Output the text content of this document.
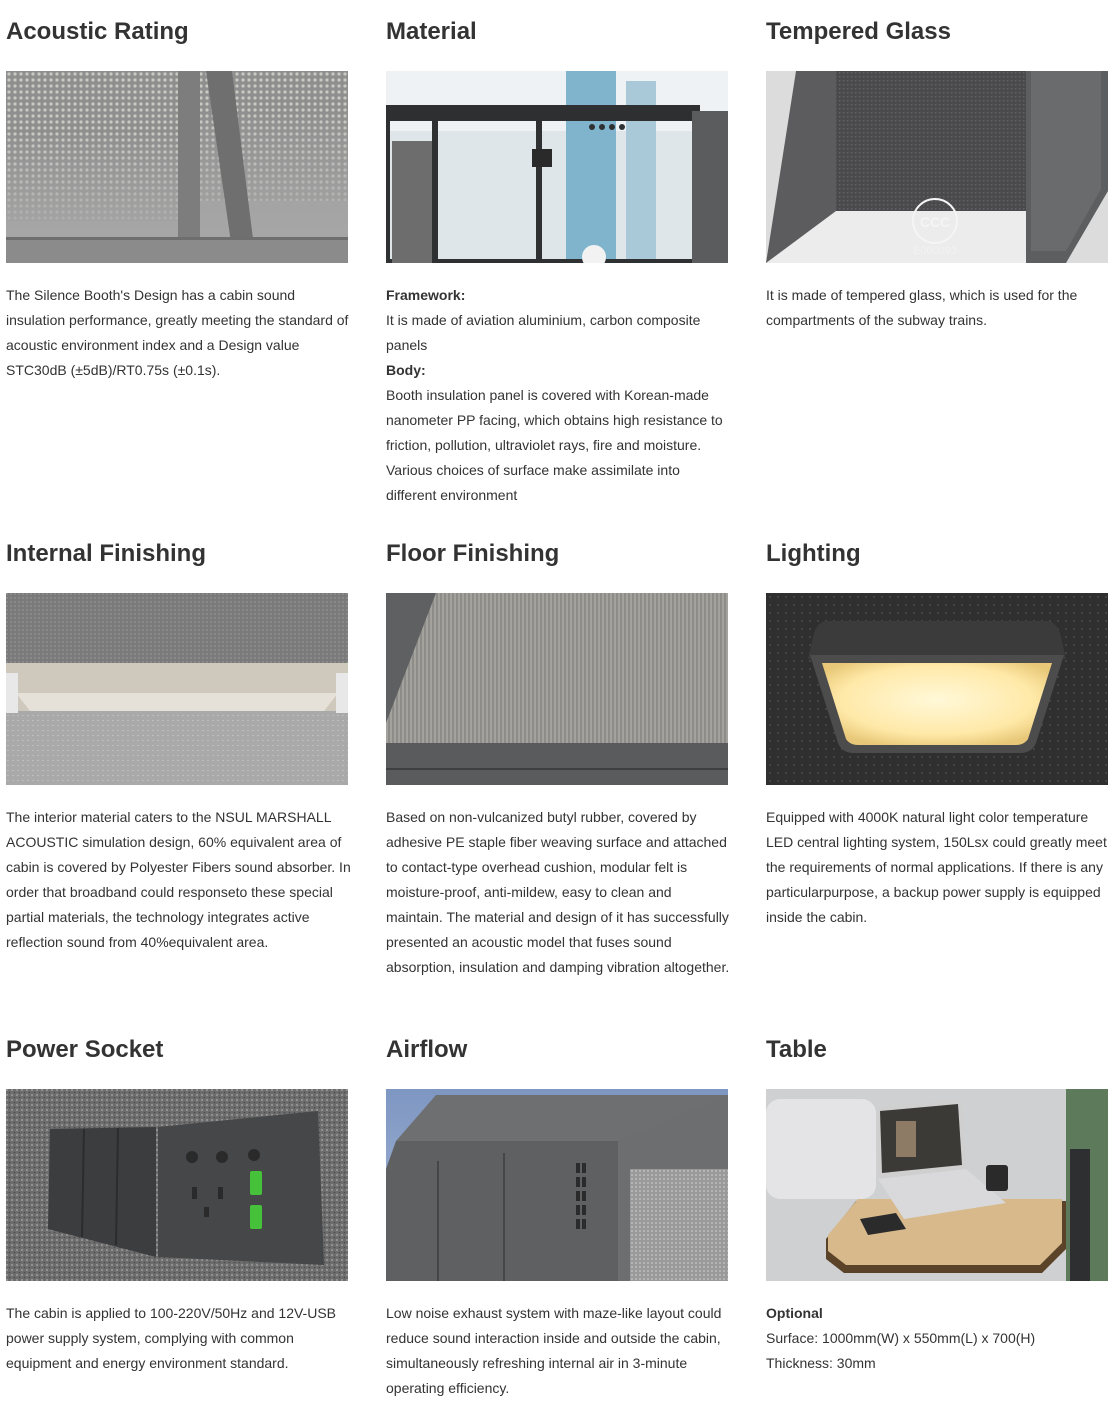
Acoustic Rating

The Silence Booth's Design has a cabin sound insulation performance, greatly meeting the standard of acoustic environment index and a Design value STC30dB (±5dB)/RT0.75s (±0.1s).

Material

Framework:

It is made of aviation aluminium, carbon composite panels

Body:

Booth insulation panel is covered with Korean-made nanometer PP facing, which obtains high resistance to friction, pollution, ultraviolet rays, fire and moisture. Various choices of surface make assimilate into different environment

Tempered Glass
CCC
E000093

It is made of tempered glass, which is used for the compartments of the subway trains.

Internal Finishing

The interior material caters to the NSUL MARSHALL ACOUSTIC simulation design, 60% equivalent area of cabin is covered by Polyester Fibers sound absorber. In order that broadband could responseto these special partial materials, the technology integrates active reflection sound from 40%equivalent area.

Floor Finishing

Based on non-vulcanized butyl rubber, covered by adhesive PE staple fiber weaving surface and attached to contact-type overhead cushion, modular felt is moisture-proof, anti-mildew, easy to clean and maintain. The material and design of it has successfully presented an acoustic model that fuses sound absorption, insulation and damping vibration altogether.

Lighting

Equipped with 4000K natural light color temperature LED central lighting system, 150Lsx could greatly meet the requirements of normal applications. If there is any particularpurpose, a backup power supply is equipped inside the cabin.

Power Socket

The cabin is applied to 100-220V/50Hz and 12V-USB power supply system, complying with common equipment and energy environment standard.

Airflow

Low noise exhaust system with maze-like layout could reduce sound interaction inside and outside the cabin, simultaneously refreshing internal air in 3-minute operating efficiency.

Table

Optional

Surface: 1000mm(W) x 550mm(L) x 700(H)

Thickness: 30mm
